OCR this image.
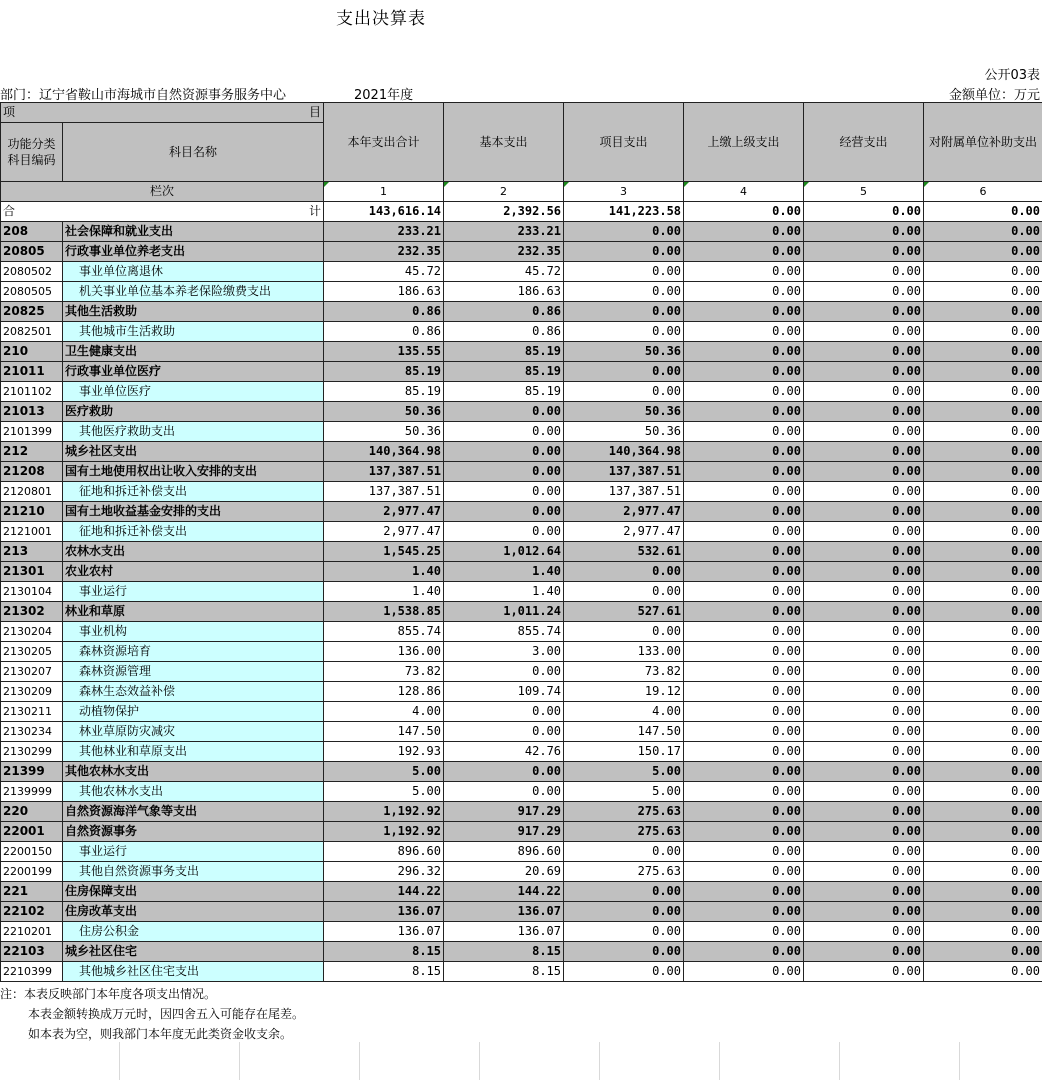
支出决算表
公开03表
部门：辽宁省鞍山市海城市自然资源事务服务中心	2021年度	金额单位：万元
项 目		本年支出合计	基本支出	项目支出	上缴上级支出	经营支出	对附属单位补助支出
功能分类科目编码	科目名称						
栏次		1	2	3	4	5	6
合 计		143,616.14	2,392.56	141,223.58	0.00	0.00	0.00
208	社会保障和就业支出	233.21	233.21	0.00	0.00	0.00	0.00
20805	行政事业单位养老支出	232.35	232.35	0.00	0.00	0.00	0.00
2080502	事业单位离退休	45.72	45.72	0.00	0.00	0.00	0.00
2080505	机关事业单位基本养老保险缴费支出	186.63	186.63	0.00	0.00	0.00	0.00
20825	其他生活救助	0.86	0.86	0.00	0.00	0.00	0.00
2082501	其他城市生活救助	0.86	0.86	0.00	0.00	0.00	0.00
210	卫生健康支出	135.55	85.19	50.36	0.00	0.00	0.00
21011	行政事业单位医疗	85.19	85.19	0.00	0.00	0.00	0.00
2101102	事业单位医疗	85.19	85.19	0.00	0.00	0.00	0.00
21013	医疗救助	50.36	0.00	50.36	0.00	0.00	0.00
2101399	其他医疗救助支出	50.36	0.00	50.36	0.00	0.00	0.00
212	城乡社区支出	140,364.98	0.00	140,364.98	0.00	0.00	0.00
21208	国有土地使用权出让收入安排的支出	137,387.51	0.00	137,387.51	0.00	0.00	0.00
2120801	征地和拆迁补偿支出	137,387.51	0.00	137,387.51	0.00	0.00	0.00
21210	国有土地收益基金安排的支出	2,977.47	0.00	2,977.47	0.00	0.00	0.00
2121001	征地和拆迁补偿支出	2,977.47	0.00	2,977.47	0.00	0.00	0.00
213	农林水支出	1,545.25	1,012.64	532.61	0.00	0.00	0.00
21301	农业农村	1.40	1.40	0.00	0.00	0.00	0.00
2130104	事业运行	1.40	1.40	0.00	0.00	0.00	0.00
21302	林业和草原	1,538.85	1,011.24	527.61	0.00	0.00	0.00
2130204	事业机构	855.74	855.74	0.00	0.00	0.00	0.00
2130205	森林资源培育	136.00	3.00	133.00	0.00	0.00	0.00
2130207	森林资源管理	73.82	0.00	73.82	0.00	0.00	0.00
2130209	森林生态效益补偿	128.86	109.74	19.12	0.00	0.00	0.00
2130211	动植物保护	4.00	0.00	4.00	0.00	0.00	0.00
2130234	林业草原防灾减灾	147.50	0.00	147.50	0.00	0.00	0.00
2130299	其他林业和草原支出	192.93	42.76	150.17	0.00	0.00	0.00
21399	其他农林水支出	5.00	0.00	5.00	0.00	0.00	0.00
2139999	其他农林水支出	5.00	0.00	5.00	0.00	0.00	0.00
220	自然资源海洋气象等支出	1,192.92	917.29	275.63	0.00	0.00	0.00
22001	自然资源事务	1,192.92	917.29	275.63	0.00	0.00	0.00
2200150	事业运行	896.60	896.60	0.00	0.00	0.00	0.00
2200199	其他自然资源事务支出	296.32	20.69	275.63	0.00	0.00	0.00
221	住房保障支出	144.22	144.22	0.00	0.00	0.00	0.00
22102	住房改革支出	136.07	136.07	0.00	0.00	0.00	0.00
2210201	住房公积金	136.07	136.07	0.00	0.00	0.00	0.00
22103	城乡社区住宅	8.15	8.15	0.00	0.00	0.00	0.00
2210399	其他城乡社区住宅支出	8.15	8.15	0.00	0.00	0.00	0.00
注：本表反映部门本年度各项支出情况。
本表金额转换成万元时，因四舍五入可能存在尾差。
如本表为空，则我部门本年度无此类资金收支余。
